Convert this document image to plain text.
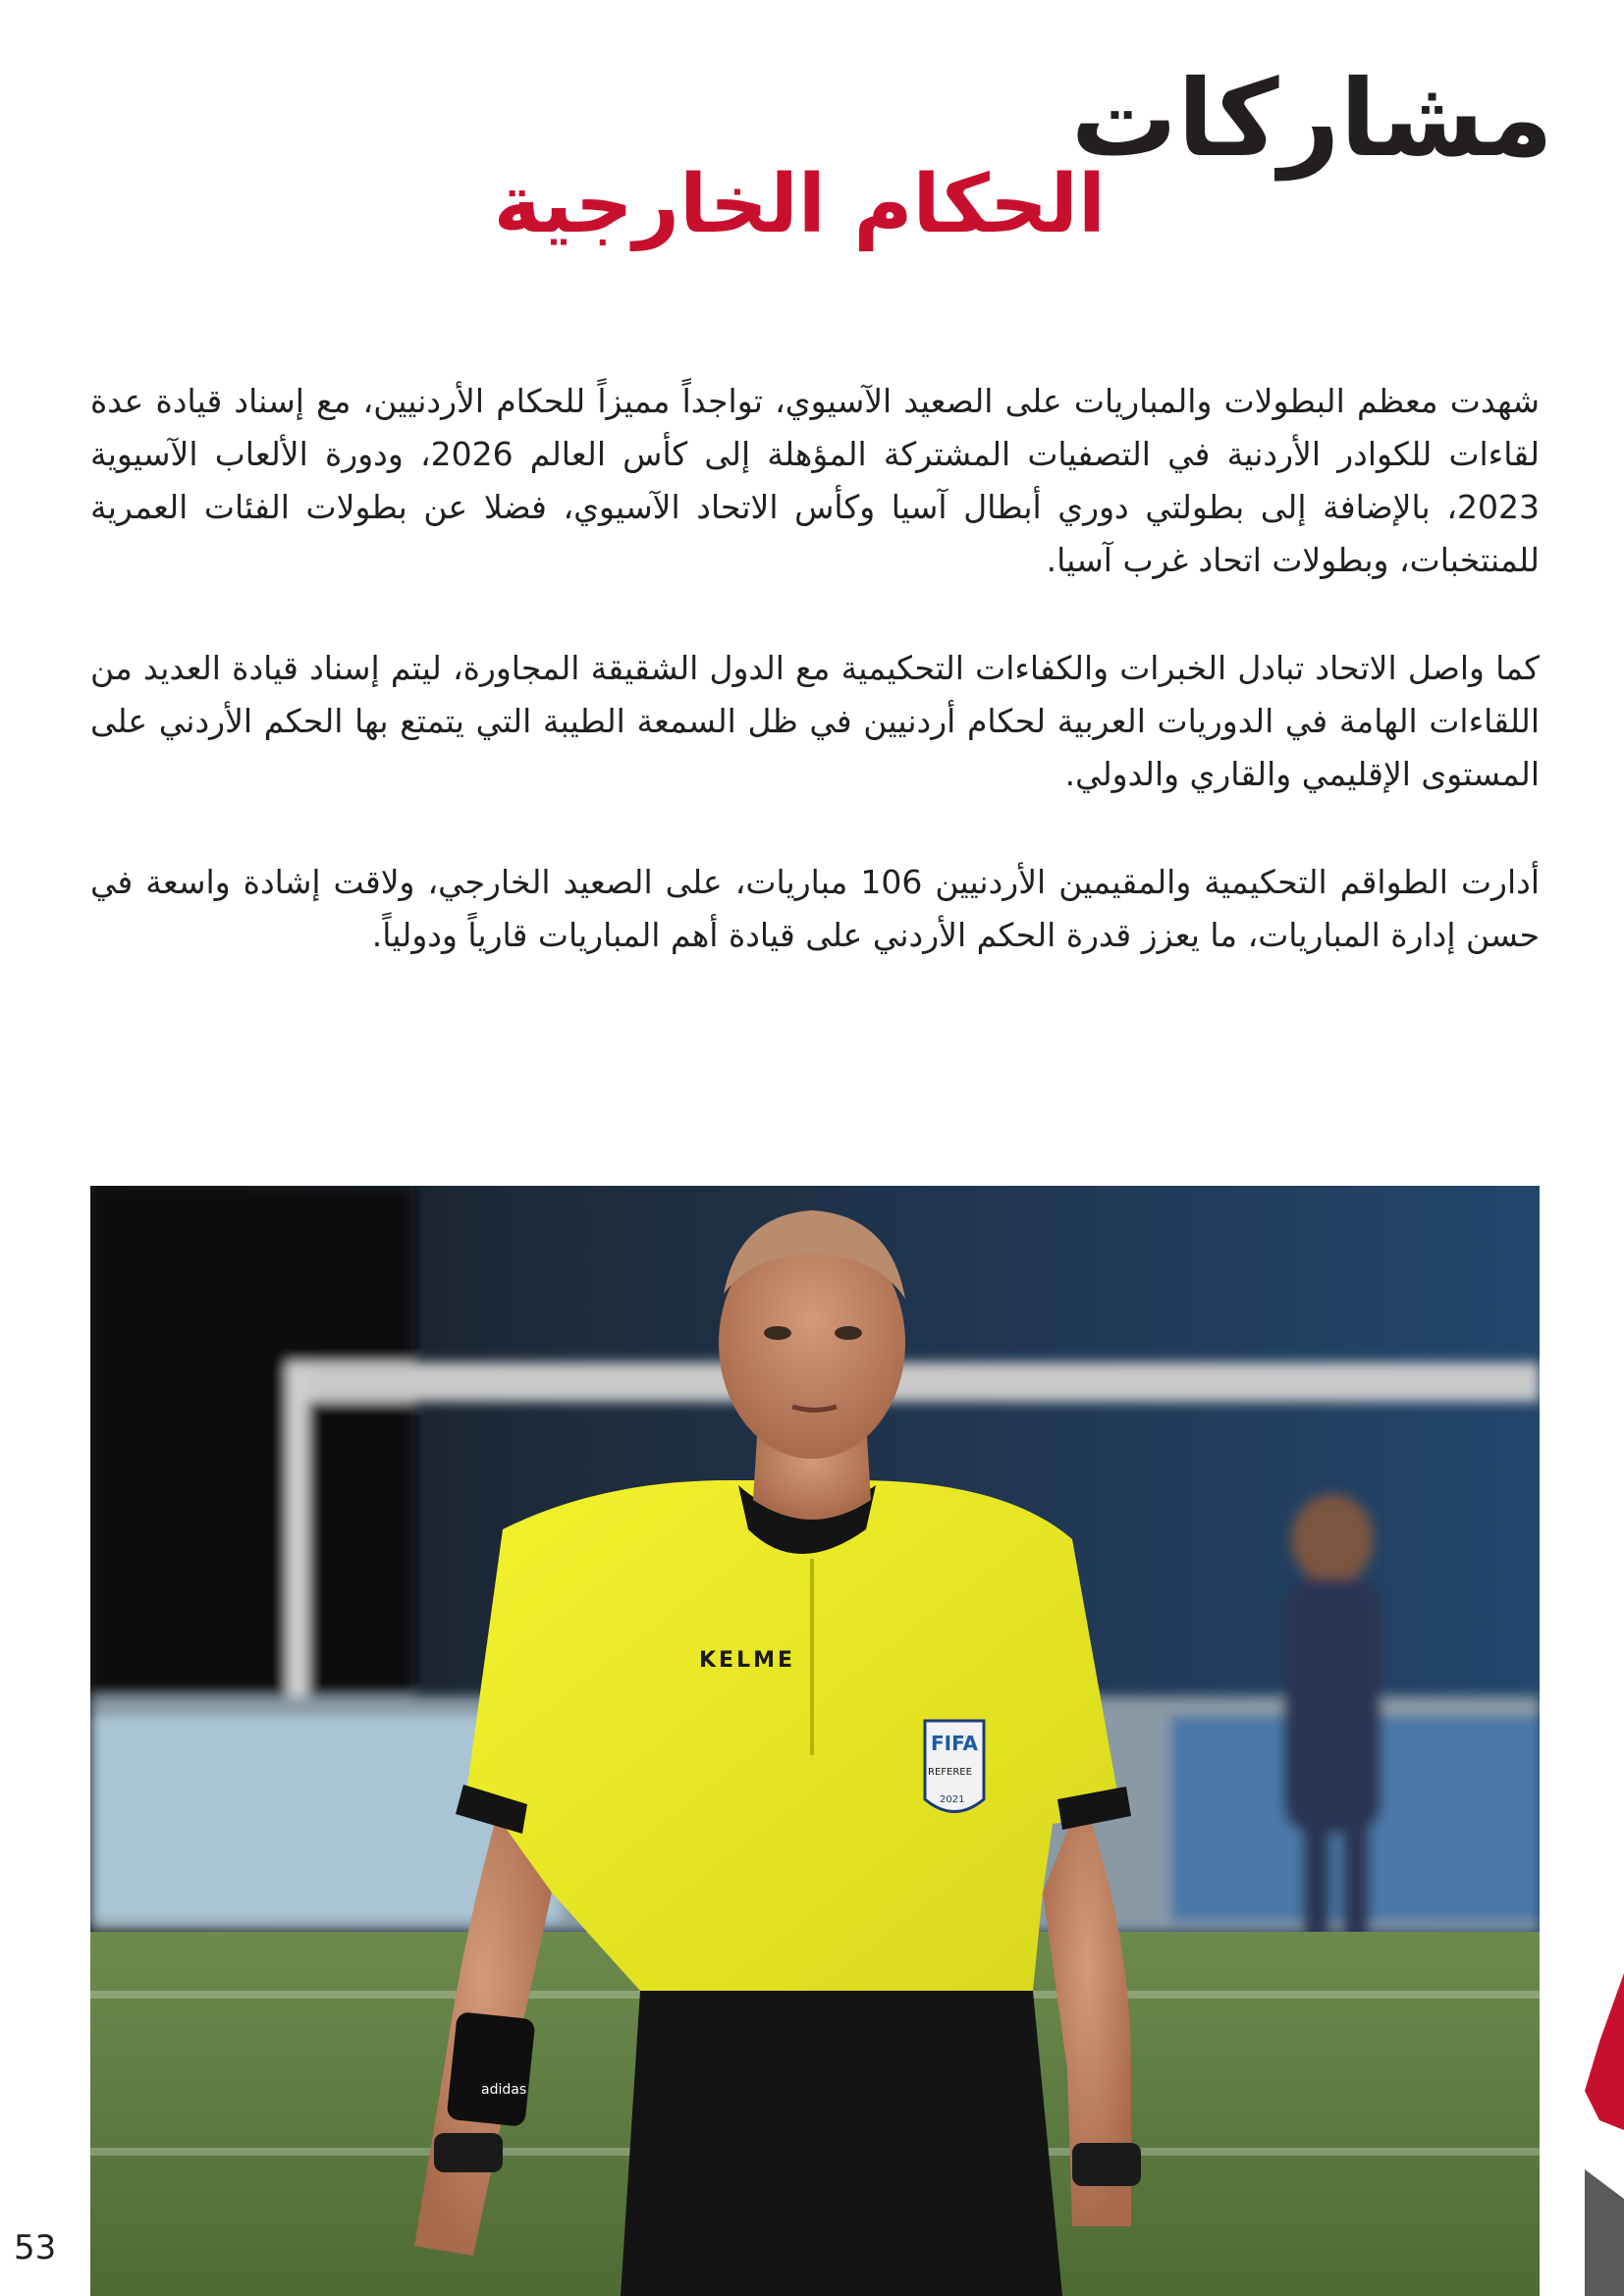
مشاركات
الحكام الخارجية

شهدت معظم البطولات والمباريات على الصعيد الآسيوي، تواجداً مميزاً للحكام الأردنيين، مع إسناد قيادة عدة لقاءات للكوادر الأردنية في التصفيات المشتركة المؤهلة إلى كأس العالم 2026، ودورة الألعاب الآسيوية 2023، بالإضافة إلى بطولتي دوري أبطال آسيا وكأس الاتحاد الآسيوي، فضلا عن بطولات الفئات العمرية للمنتخبات، وبطولات اتحاد غرب آسيا.

كما واصل الاتحاد تبادل الخبرات والكفاءات التحكيمية مع الدول الشقيقة المجاورة، ليتم إسناد قيادة العديد من اللقاءات الهامة في الدوريات العربية لحكام أردنيين في ظل السمعة الطيبة التي يتمتع بها الحكم الأردني على المستوى الإقليمي والقاري والدولي.

أدارت الطواقم التحكيمية والمقيمين الأردنيين 106 مباريات، على الصعيد الخارجي، ولاقت إشادة واسعة في حسن إدارة المباريات، ما يعزز قدرة الحكم الأردني على قيادة أهم المباريات قارياً ودولياً.

adidas
KELME
FIFA
REFEREE
2021
53
